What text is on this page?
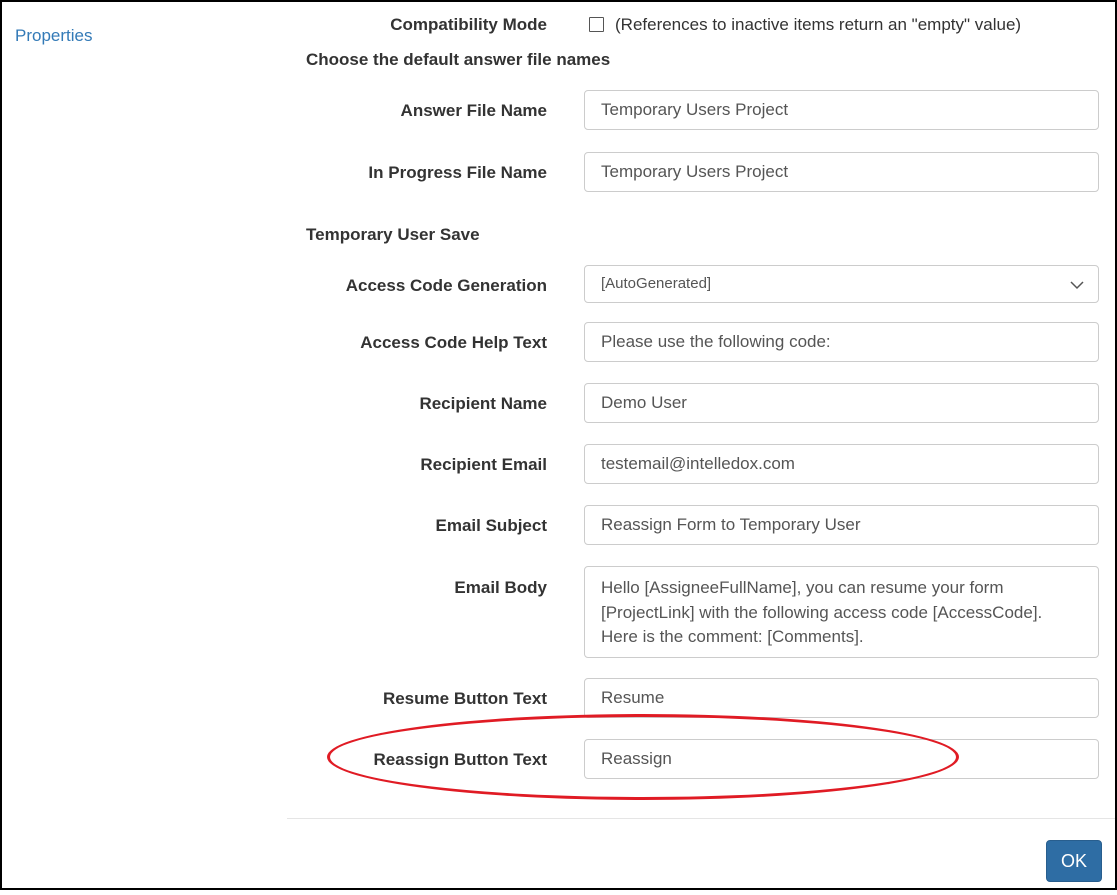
Properties
Compatibility Mode	(References to inactive items return an "empty" value)
Choose the default answer file names
Answer File Name	Temporary Users Project
In Progress File Name	Temporary Users Project
Temporary User Save
Access Code Generation	[AutoGenerated]
Access Code Help Text	Please use the following code:
Recipient Name	Demo User
Recipient Email	testemail@intelledox.com
Email Subject	Reassign Form to Temporary User
Email Body	Hello [AssigneeFullName], you can resume your form
[ProjectLink] with the following access code [AccessCode].
Here is the comment: [Comments].
Resume Button Text	Resume
Reassign Button Text	Reassign
OK
